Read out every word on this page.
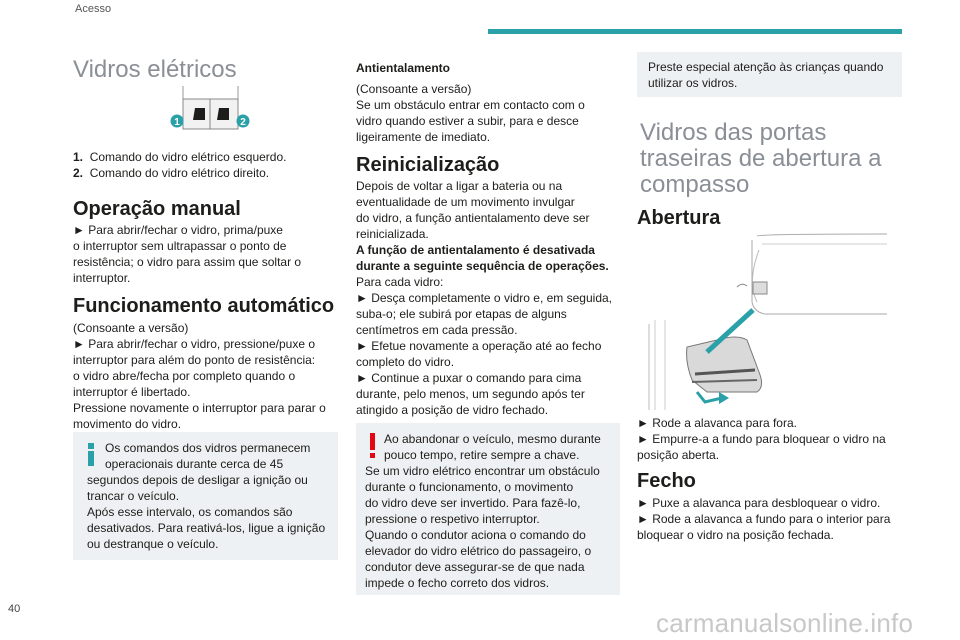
Acesso
Vidros elétricos
1	2
1. Comando do vidro elétrico esquerdo.
2. Comando do vidro elétrico direito.
Operação manual
► Para abrir/fechar o vidro, prima/puxe
o interruptor sem ultrapassar o ponto de
resistência; o vidro para assim que soltar o
interruptor.
Funcionamento automático
(Consoante a versão)
► Para abrir/fechar o vidro, pressione/puxe o
interruptor para além do ponto de resistência:
o vidro abre/fecha por completo quando o
interruptor é libertado.
Pressione novamente o interruptor para parar o
movimento do vidro.
Os comandos dos vidros permanecem
operacionais durante cerca de 45
segundos depois de desligar a ignição ou
trancar o veículo.
Após esse intervalo, os comandos são
desativados. Para reativá-los, ligue a ignição
ou destranque o veículo.
Antientalamento
(Consoante a versão)
Se um obstáculo entrar em contacto com o
vidro quando estiver a subir, para e desce
ligeiramente de imediato.
Reinicialização
Depois de voltar a ligar a bateria ou na
eventualidade de um movimento invulgar
do vidro, a função antientalamento deve ser
reinicializada.
A função de antientalamento é desativada
durante a seguinte sequência de operações.
Para cada vidro:
► Desça completamente o vidro e, em seguida,
suba-o; ele subirá por etapas de alguns
centímetros em cada pressão.
► Efetue novamente a operação até ao fecho
completo do vidro.
► Continue a puxar o comando para cima
durante, pelo menos, um segundo após ter
atingido a posição de vidro fechado.
Ao abandonar o veículo, mesmo durante
pouco tempo, retire sempre a chave.
Se um vidro elétrico encontrar um obstáculo
durante o funcionamento, o movimento
do vidro deve ser invertido. Para fazê-lo,
pressione o respetivo interruptor.
Quando o condutor aciona o comando do
elevador do vidro elétrico do passageiro, o
condutor deve assegurar-se de que nada
impede o fecho correto dos vidros.
Preste especial atenção às crianças quando
utilizar os vidros.
Vidros das portas
traseiras de abertura a
compasso
Abertura
► Rode a alavanca para fora.
► Empurre-a a fundo para bloquear o vidro na
posição aberta.
Fecho
► Puxe a alavanca para desbloquear o vidro.
► Rode a alavanca a fundo para o interior para
bloquear o vidro na posição fechada.
40	carmanualsonline.info
